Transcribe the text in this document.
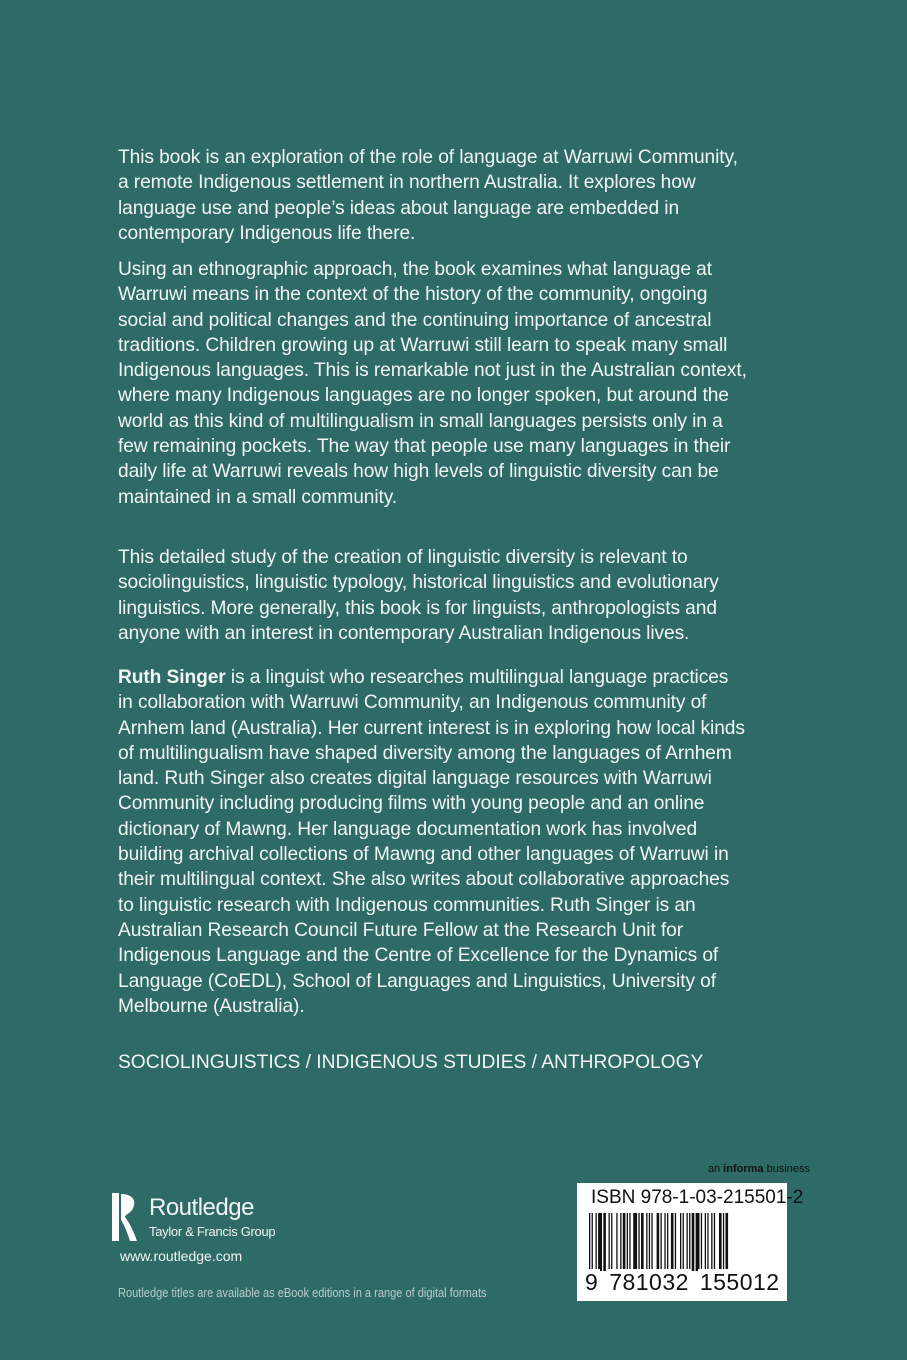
This book is an exploration of the role of language at Warruwi Community,
a remote Indigenous settlement in northern Australia. It explores how
language use and people’s ideas about language are embedded in
contemporary Indigenous life there.
Using an ethnographic approach, the book examines what language at
Warruwi means in the context of the history of the community, ongoing
social and political changes and the continuing importance of ancestral
traditions. Children growing up at Warruwi still learn to speak many small
Indigenous languages. This is remarkable not just in the Australian context,
where many Indigenous languages are no longer spoken, but around the
world as this kind of multilingualism in small languages persists only in a
few remaining pockets. The way that people use many languages in their
daily life at Warruwi reveals how high levels of linguistic diversity can be
maintained in a small community.
This detailed study of the creation of linguistic diversity is relevant to
sociolinguistics, linguistic typology, historical linguistics and evolutionary
linguistics. More generally, this book is for linguists, anthropologists and
anyone with an interest in contemporary Australian Indigenous lives.
Ruth Singer is a linguist who researches multilingual language practices
in collaboration with Warruwi Community, an Indigenous community of
Arnhem land (Australia). Her current interest is in exploring how local kinds
of multilingualism have shaped diversity among the languages of Arnhem
land. Ruth Singer also creates digital language resources with Warruwi
Community including producing films with young people and an online
dictionary of Mawng. Her language documentation work has involved
building archival collections of Mawng and other languages of Warruwi in
their multilingual context. She also writes about collaborative approaches
to linguistic research with Indigenous communities. Ruth Singer is an
Australian Research Council Future Fellow at the Research Unit for
Indigenous Language and the Centre of Excellence for the Dynamics of
Language (CoEDL), School of Languages and Linguistics, University of
Melbourne (Australia).
SOCIOLINGUISTICS / INDIGENOUS STUDIES / ANTHROPOLOGY
an informa business
ISBN 978-1-03-215501-2
9 781032 155012
Routledge
Taylor & Francis Group
www.routledge.com
Routledge titles are available as eBook editions in a range of digital formats
